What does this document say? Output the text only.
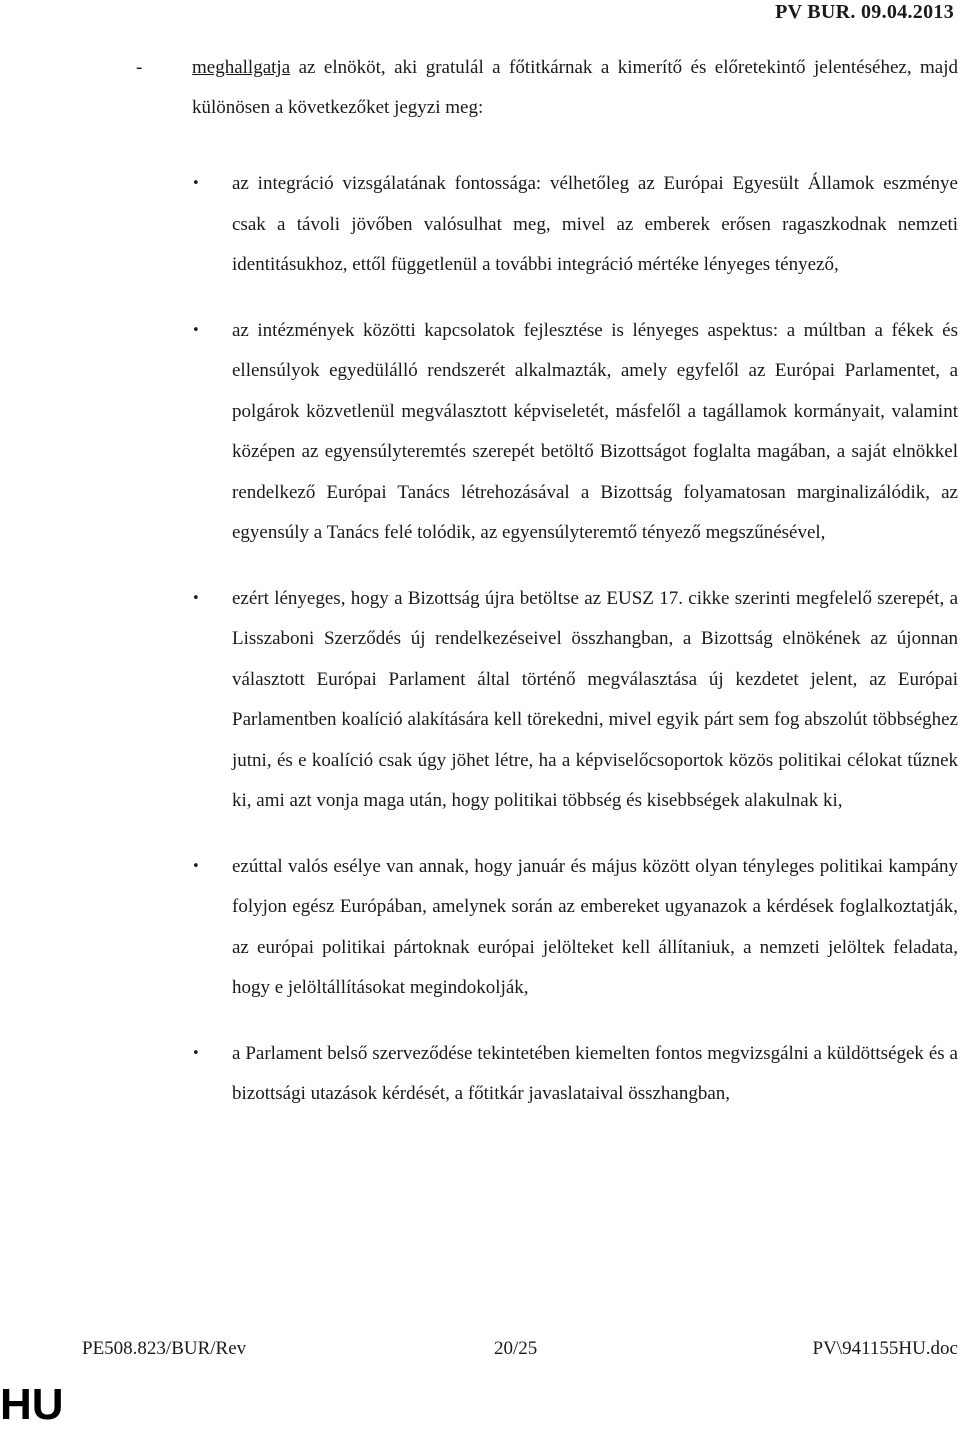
PV BUR. 09.04.2013
-	meghallgatja az elnököt, aki gratulál a főtitkárnak a kimerítő és előretekintő jelentéséhez, majd különösen a következőket jegyzi meg:
•	az integráció vizsgálatának fontossága: vélhetőleg az Európai Egyesült Államok eszménye csak a távoli jövőben valósulhat meg, mivel az emberek erősen ragaszkodnak nemzeti identitásukhoz, ettől függetlenül a további integráció mértéke lényeges tényező,
•	az intézmények közötti kapcsolatok fejlesztése is lényeges aspektus: a múltban a fékek és ellensúlyok egyedülálló rendszerét alkalmazták, amely egyfelől az Európai Parlamentet, a polgárok közvetlenül megválasztott képviseletét, másfelől a tagállamok kormányait, valamint középen az egyensúlyteremtés szerepét betöltő Bizottságot foglalta magában, a saját elnökkel rendelkező Európai Tanács létrehozásával a Bizottság folyamatosan marginalizálódik, az egyensúly a Tanács felé tolódik, az egyensúlyteremtő tényező megszűnésével,
•	ezért lényeges, hogy a Bizottság újra betöltse az EUSZ 17. cikke szerinti megfelelő szerepét, a Lisszaboni Szerződés új rendelkezéseivel összhangban, a Bizottság elnökének az újonnan választott Európai Parlament által történő megválasztása új kezdetet jelent, az Európai Parlamentben koalíció alakítására kell törekedni, mivel egyik párt sem fog abszolút többséghez jutni, és e koalíció csak úgy jöhet létre, ha a képviselőcsoportok közös politikai célokat tűznek ki, ami azt vonja maga után, hogy politikai többség és kisebbségek alakulnak ki,
•	ezúttal valós esélye van annak, hogy január és május között olyan tényleges politikai kampány folyjon egész Európában, amelynek során az embereket ugyanazok a kérdések foglalkoztatják, az európai politikai pártoknak európai jelölteket kell állítaniuk, a nemzeti jelöltek feladata, hogy e jelöltállításokat megindokolják,
•	a Parlament belső szerveződése tekintetében kiemelten fontos megvizsgálni a küldöttségek és a bizottsági utazások kérdését, a főtitkár javaslataival összhangban,
PE508.823/BUR/Rev	20/25	PV\941155HU.doc
HU
